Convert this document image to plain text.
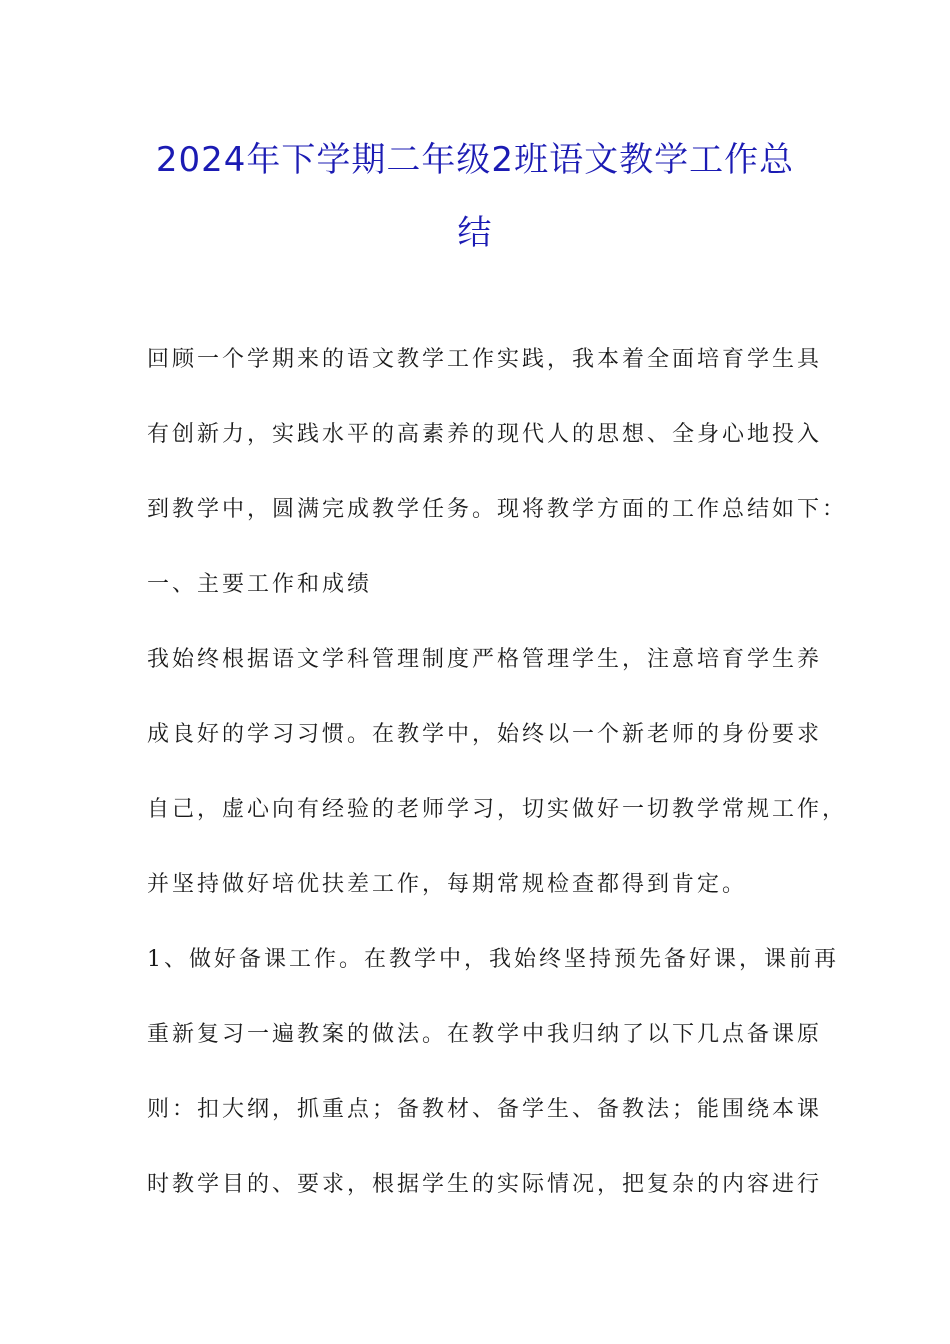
2024年下学期二年级2班语文教学工作总
结
回顾一个学期来的语文教学工作实践，我本着全面培育学生具
有创新力，实践水平的高素养的现代人的思想、全身心地投入
到教学中，圆满完成教学任务。现将教学方面的工作总结如下：
一、主要工作和成绩
我始终根据语文学科管理制度严格管理学生，注意培育学生养
成良好的学习习惯。在教学中，始终以一个新老师的身份要求
自己，虚心向有经验的老师学习，切实做好一切教学常规工作，
并坚持做好培优扶差工作，每期常规检查都得到肯定。
1、做好备课工作。在教学中，我始终坚持预先备好课，课前再
重新复习一遍教案的做法。在教学中我归纳了以下几点备课原
则：扣大纲，抓重点；备教材、备学生、备教法；能围绕本课
时教学目的、要求，根据学生的实际情况，把复杂的内容进行
